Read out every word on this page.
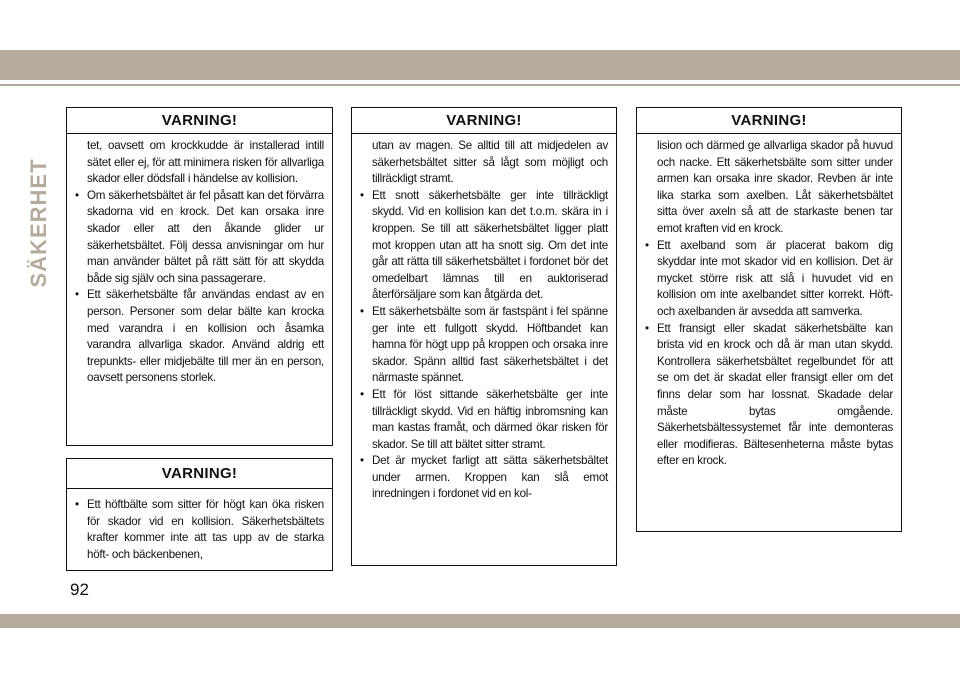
SÄKERHET
VARNING!

tet, oavsett om krockkudde är installerad intill sätet eller ej, för att minimera risken för allvarliga skador eller dödsfall i händelse av kollision.

• Om säkerhetsbältet är fel påsatt kan det förvärra skadorna vid en krock. Det kan orsaka inre skador eller att den åkande glider ur säkerhetsbältet. Följ dessa anvisningar om hur man använder bältet på rätt sätt för att skydda både sig själv och sina passagerare.
• Ett säkerhetsbälte får användas endast av en person. Personer som delar bälte kan krocka med varandra i en kollision och åsamka varandra allvarliga skador. Använd aldrig ett trepunkts- eller midjebälte till mer än en person, oavsett personens storlek.
VARNING!
• Ett höftbälte som sitter för högt kan öka risken för skador vid en kollision. Säkerhetsbältets krafter kommer inte att tas upp av de starka höft- och bäckenbenen,
VARNING!

utan av magen. Se alltid till att midjedelen av säkerhetsbältet sitter så lågt som möjligt och tillräckligt stramt.

• Ett snott säkerhetsbälte ger inte tillräckligt skydd. Vid en kollision kan det t.o.m. skära in i kroppen. Se till att säkerhetsbältet ligger platt mot kroppen utan att ha snott sig. Om det inte går att rätta till säkerhetsbältet i fordonet bör det omedelbart lämnas till en auktoriserad återförsäljare som kan åtgärda det.
• Ett säkerhetsbälte som är fastspänt i fel spänne ger inte ett fullgott skydd. Höftbandet kan hamna för högt upp på kroppen och orsaka inre skador. Spänn alltid fast säkerhetsbältet i det närmaste spännet.
• Ett för löst sittande säkerhetsbälte ger inte tillräckligt skydd. Vid en häftig inbromsning kan man kastas framåt, och därmed ökar risken för skador. Se till att bältet sitter stramt.
• Det är mycket farligt att sätta säkerhetsbältet under armen. Kroppen kan slå emot inredningen i fordonet vid en kol-
VARNING!

lision och därmed ge allvarliga skador på huvud och nacke. Ett säkerhetsbälte som sitter under armen kan orsaka inre skador. Revben är inte lika starka som axelben. Låt säkerhetsbältet sitta över axeln så att de starkaste benen tar emot kraften vid en krock.

• Ett axelband som är placerat bakom dig skyddar inte mot skador vid en kollision. Det är mycket större risk att slå i huvudet vid en kollision om inte axelbandet sitter korrekt. Höft- och axelbanden är avsedda att samverka.
• Ett fransigt eller skadat säkerhetsbälte kan brista vid en krock och då är man utan skydd. Kontrollera säkerhetsbältet regelbundet för att se om det är skadat eller fransigt eller om det finns delar som har lossnat. Skadade delar måste bytas omgående. Säkerhetsbältessystemet får inte demonteras eller modifieras. Bältesenheterna måste bytas efter en krock.
92
